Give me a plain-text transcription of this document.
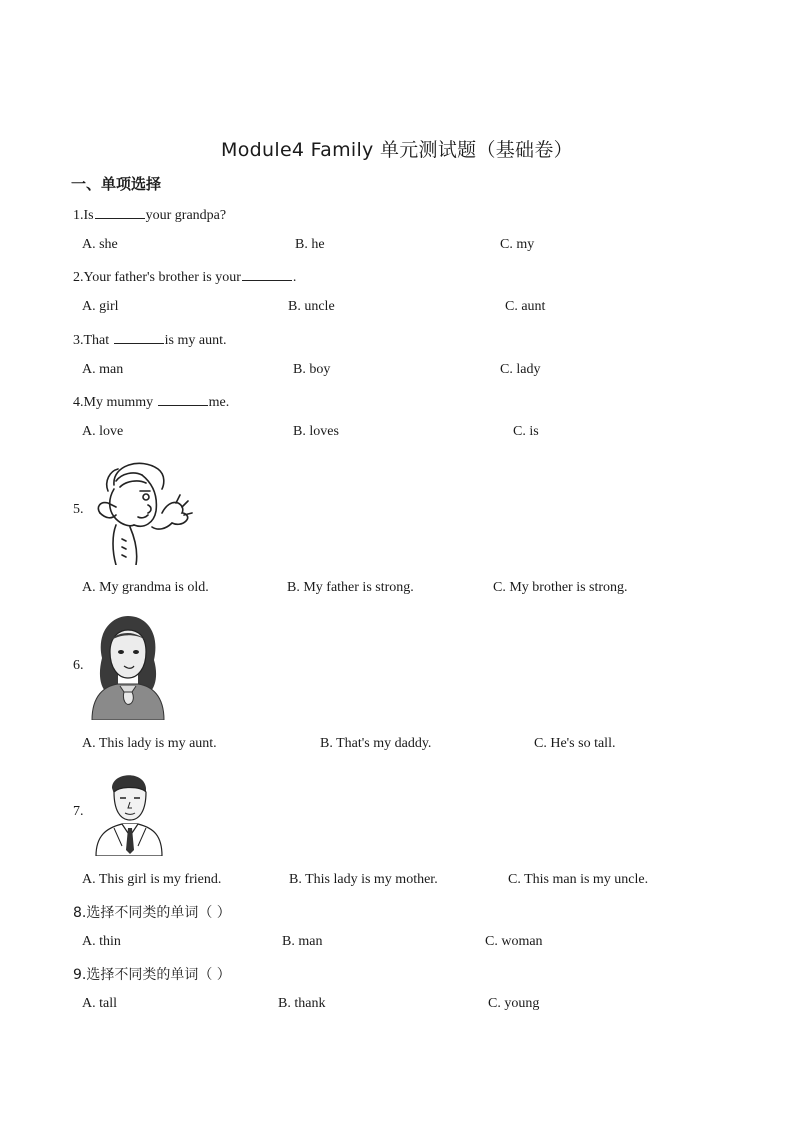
Module4 Family 单元测试题（基础卷）
一、单项选择
1.Is	your grandpa?
A. she	B. he	C. my
2.Your father's brother is your	.
A. girl	B. uncle	C. aunt
3.That	is my aunt.
A. man	B. boy	C. lady
4.My mummy	me.
A. love	B. loves	C. is
5.
A. My grandma is old.	B. My father is strong.	C. My brother is strong.
6.
A. This lady is my aunt.	B. That's my daddy.	C. He's so tall.
7.
A. This girl is my friend.	B. This lady is my mother.	C. This man is my uncle.
8.选择不同类的单词（ ）
A. thin	B. man	C. woman
9.选择不同类的单词（ ）
A. tall	B. thank	C. young
